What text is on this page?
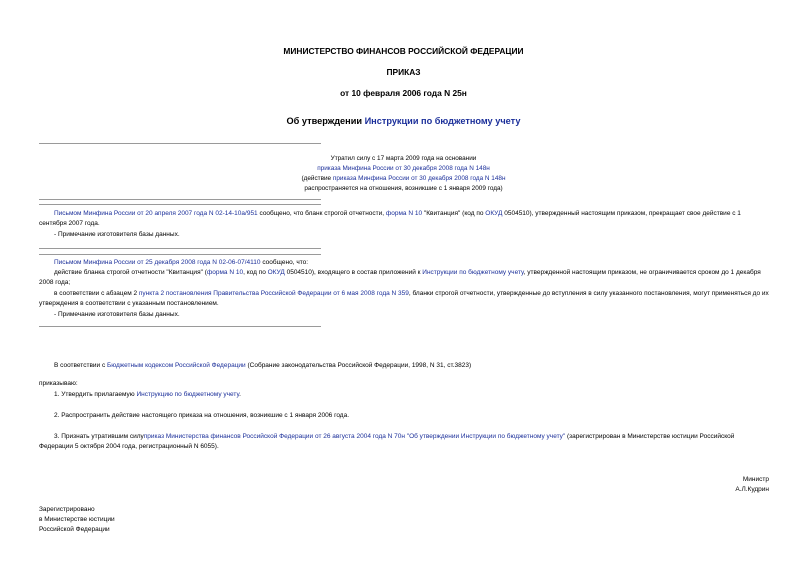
МИНИСТЕРСТВО ФИНАНСОВ РОССИЙСКОЙ ФЕДЕРАЦИИ
ПРИКАЗ
от 10 февраля 2006 года N 25н
Об утверждении Инструкции по бюджетному учету
Утратил силу с 17 марта 2009 года на основании
приказа Минфина России от 30 декабря 2008 года N 148н
(действие приказа Минфина России от 30 декабря 2008 года N 148н
распространяется на отношения, возникшие с 1 января 2009 года)
Письмом Минфина России от 20 апреля 2007 года N 02-14-10а/951 сообщено, что бланк строгой отчетности, форма N 10 "Квитанция" (код по ОКУД 0504510), утвержденный настоящим приказом, прекращает свое действие с 1 сентября 2007 года.
- Примечание изготовителя базы данных.
Письмом Минфина России от 25 декабря 2008 года N 02-06-07/4110 сообщено, что:
действие бланка строгой отчетности "Квитанция" (форма N 10, код по ОКУД 0504510), входящего в состав приложений к Инструкции по бюджетному учету, утвержденной настоящим приказом, не ограничивается сроком до 1 декабря 2008 года;
в соответствии с абзацем 2 пункта 2 постановления Правительства Российской Федерации от 6 мая 2008 года N 359, бланки строгой отчетности, утвержденные до вступления в силу указанного постановления, могут применяться до их утверждения в соответствии с указанным постановлением.
- Примечание изготовителя базы данных.
В соответствии с Бюджетным кодексом Российской Федерации (Собрание законодательства Российской Федерации, 1998, N 31, ст.3823)
приказываю:
1. Утвердить прилагаемую Инструкцию по бюджетному учету.
2. Распространить действие настоящего приказа на отношения, возникшие с 1 января 2006 года.
3. Признать утратившим силуприказ Министерства финансов Российской Федерации от 26 августа 2004 года N 70н "Об утверждении Инструкции по бюджетному учету" (зарегистрирован в Министерстве юстиции Российской Федерации 5 октября 2004 года, регистрационный N 6055).
Министр
А.Л.Кудрин
Зарегистрировано
в Министерстве юстиции
Российской Федерации
